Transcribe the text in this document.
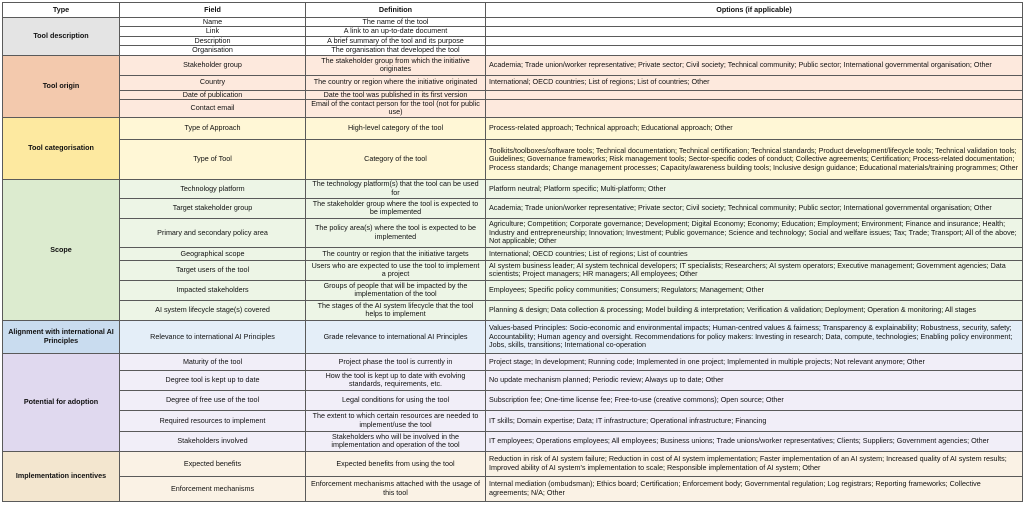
Type	Field	Definition	Options (if applicable)
Tool description	Name	The name of the tool	
	Link	A link to an up-to-date document	
	Description	A brief summary of the tool and its purpose	
	Organisation	The organisation that developed the tool	
Tool origin	Stakeholder group	The stakeholder group from which the initiative originates	Academia; Trade union/worker representative; Private sector; Civil society; Technical community; Public sector; International governmental organisation; Other
	Country	The country or region where the initiative originated	International; OECD countries; List of regions; List of countries; Other
	Date of publication	Date the tool was published in its first version	
	Contact email	Email of the contact person for the tool (not for public use)	
Tool categorisation	Type of Approach	High-level category of the tool	Process-related approach; Technical approach; Educational approach; Other
	Type of Tool	Category of the tool	Toolkits/toolboxes/software tools; Technical documentation; Technical certification; Technical standards; Product development/lifecycle tools; Technical validation tools; Guidelines; Governance frameworks; Risk management tools; Sector-specific codes of conduct; Collective agreements; Certification; Process-related documentation; Process standards; Change management processes; Capacity/awareness building tools; Inclusive design guidance; Educational materials/training programmes; Other
Scope	Technology platform	The technology platform(s) that the tool can be used for	Platform neutral; Platform specific; Multi-platform; Other
	Target stakeholder group	The stakeholder group where the tool is expected to be implemented	Academia; Trade union/worker representative; Private sector; Civil society; Technical community; Public sector; International governmental organisation; Other
	Primary and secondary policy area	The policy area(s) where the tool is expected to be implemented	Agriculture; Competition; Corporate governance; Development; Digital Economy; Economy; Education; Employment; Environment; Finance and insurance; Health; Industry and entrepreneurship; Innovation; Investment; Public governance; Science and technology; Social and welfare issues; Tax; Trade; Transport; All of the above; Not applicable; Other
	Geographical scope	The country or region that the initiative targets	International; OECD countries; List of regions; List of countries
	Target users of the tool	Users who are expected to use the tool to implement a project	AI system business leader; AI system technical developers; IT specialists; Researchers; AI system operators; Executive management; Government agencies; Data scientists; Project managers; HR managers; All employees; Other
	Impacted stakeholders	Groups of people that will be impacted by the implementation of the tool	Employees; Specific policy communities; Consumers; Regulators; Management; Other
	AI system lifecycle stage(s) covered	The stages of the AI system lifecycle that the tool helps to implement	Planning & design; Data collection & processing; Model building & interpretation; Verification & validation; Deployment; Operation & monitoring; All stages
Alignment with international AI Principles	Relevance to international AI Principles	Grade relevance to international AI Principles	Values-based Principles: Socio-economic and environmental impacts; Human-centred values & fairness; Transparency & explainability; Robustness, security, safety; Accountability; Human agency and oversight. Recommendations for policy makers: Investing in research; Data, compute, technologies; Enabling policy environment; Jobs, skills, transitions; International co-operation
Potential for adoption	Maturity of the tool	Project phase the tool is currently in	Project stage; In development; Running code; Implemented in one project; Implemented in multiple projects; Not relevant anymore; Other
	Degree tool is kept up to date	How the tool is kept up to date with evolving standards, requirements, etc.	No update mechanism planned; Periodic review; Always up to date; Other
	Degree of free use of the tool	Legal conditions for using the tool	Subscription fee; One-time license fee; Free-to-use (creative commons); Open source; Other
	Required resources to implement	The extent to which certain resources are needed to implement/use the tool	IT skills; Domain expertise; Data; IT infrastructure; Operational infrastructure; Financing
	Stakeholders involved	Stakeholders who will be involved in the implementation and operation of the tool	IT employees; Operations employees; All employees; Business unions; Trade unions/worker representatives; Clients; Suppliers; Government agencies; Other
Implementation incentives	Expected benefits	Expected benefits from using the tool	Reduction in risk of AI system failure; Reduction in cost of AI system implementation; Faster implementation of an AI system; Increased quality of AI system results; Improved ability of AI system's implementation to scale; Responsible implementation of AI system; Other
	Enforcement mechanisms	Enforcement mechanisms attached with the usage of this tool	Internal mediation (ombudsman); Ethics board; Certification; Enforcement body; Governmental regulation; Log registrars; Reporting frameworks; Collective agreements; N/A; Other
